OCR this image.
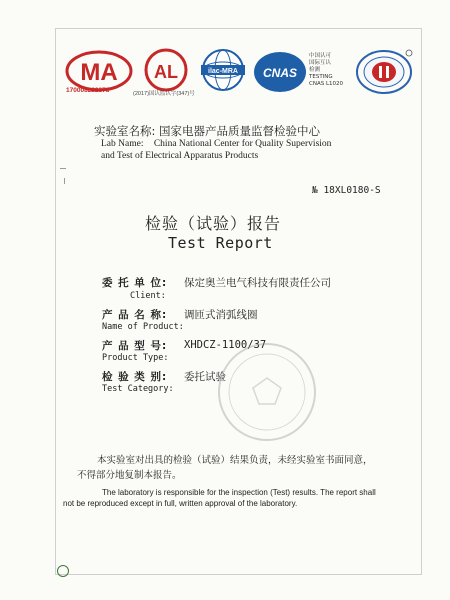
MA AL	ilac-MRA CNAS
中国认可
国际互认
检测
TESTING
CNAS L1020
170008222878	(2017)国认监认字(347)号
实验室名称: 国家电器产品质量监督检验中心
Lab Name: China National Center for Quality Supervision
and Test of Electrical Apparatus Products
№ 18XL0180-S
检验（试验）报告
Test Report
委 托 单 位: 保定奥兰电气科技有限责任公司
Client:
产 品 名 称: 调匝式消弧线圈
Name of Product:
产 品 型 号: XHDCZ-1100/37
Product Type:
检 验 类 别: 委托试验
Test Category:
本实验室对出具的检验（试验）结果负责，未经实验室书面同意，
不得部分地复制本报告。
The laboratory is responsible for the inspection (Test) results. The report shall
not be reproduced except in full, written approval of the laboratory.
